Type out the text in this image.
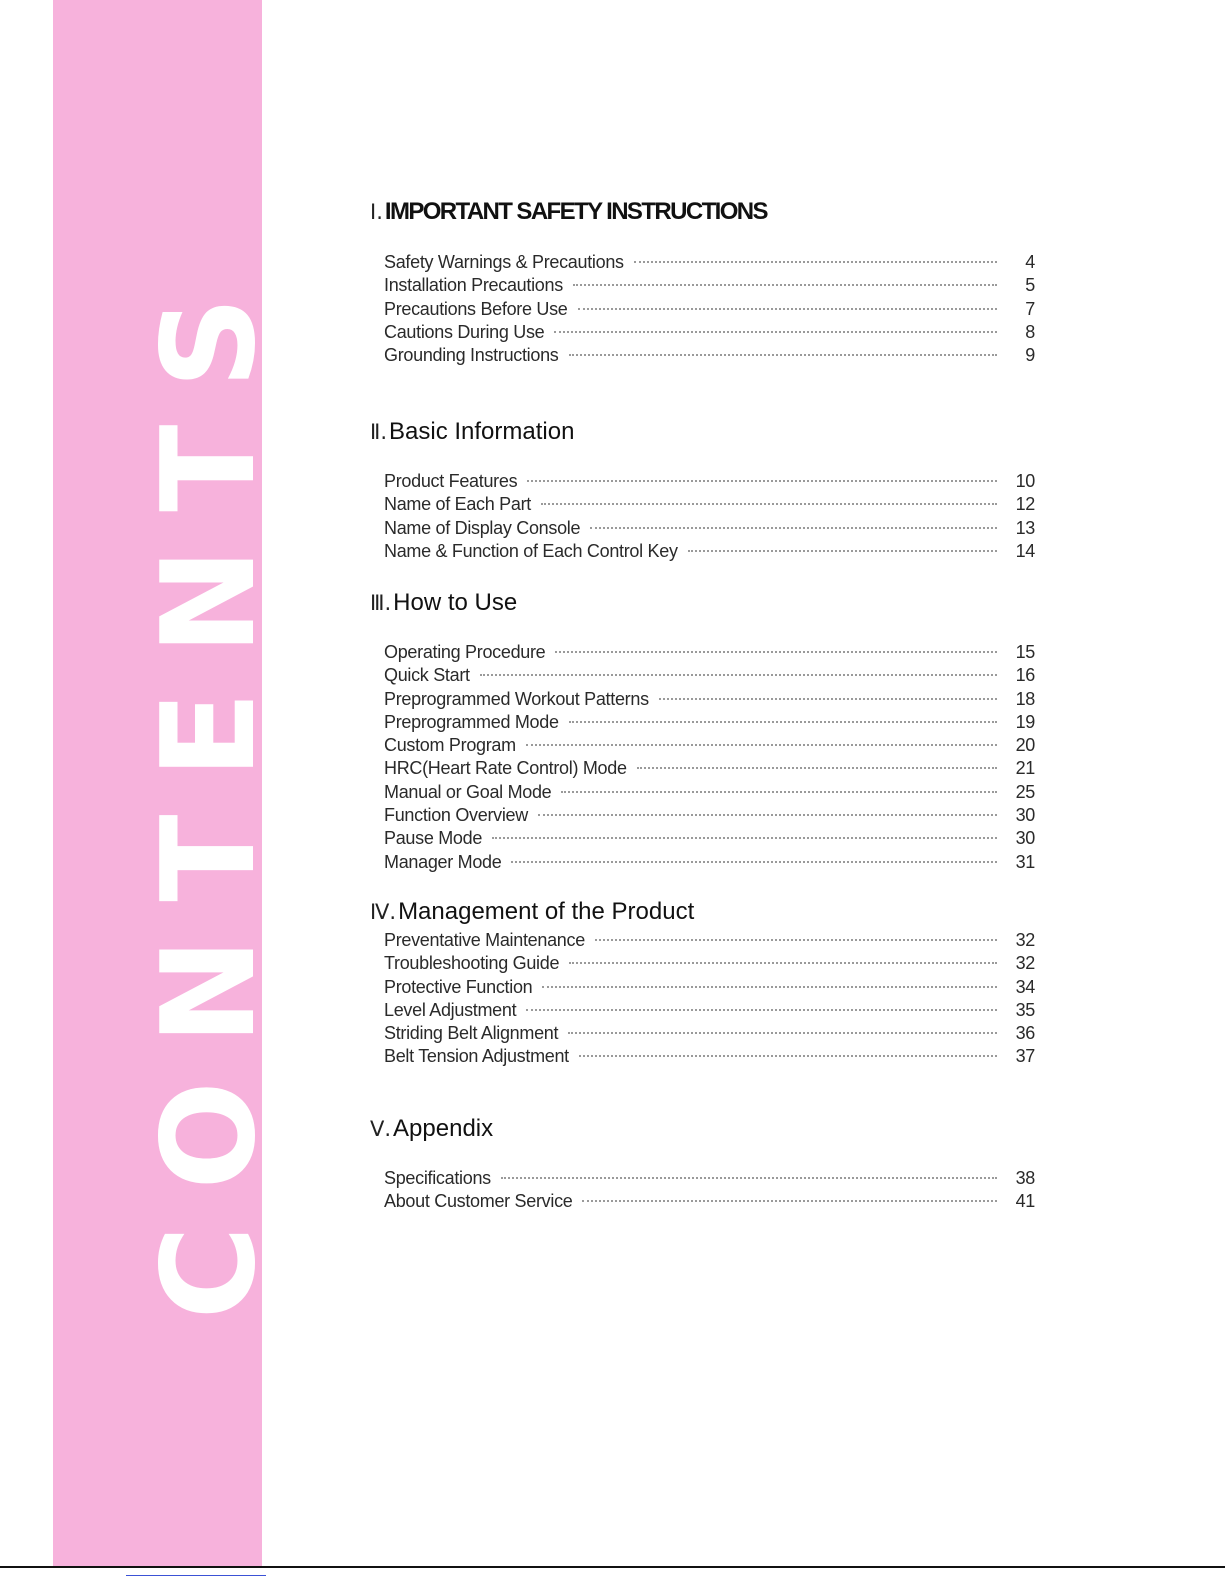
CONTENTS
Ⅰ. IMPORTANT SAFETY INSTRUCTIONS
Safety Warnings & Precautions	4
Installation Precautions	5
Precautions Before Use	7
Cautions During Use	8
Grounding Instructions	9
Ⅱ. Basic Information
Product Features	10
Name of Each Part	12
Name of Display Console	13
Name & Function of Each Control Key	14
Ⅲ. How to Use
Operating Procedure	15
Quick Start	16
Preprogrammed Workout Patterns	18
Preprogrammed Mode	19
Custom Program	20
HRC(Heart Rate Control) Mode	21
Manual or Goal Mode	25
Function Overview	30
Pause Mode	30
Manager Mode	31
Ⅳ. Management of the Product
Preventative Maintenance	32
Troubleshooting Guide	32
Protective Function	34
Level Adjustment	35
Striding Belt Alignment	36
Belt Tension Adjustment	37
Ⅴ. Appendix
Specifications	38
About Customer Service	41
